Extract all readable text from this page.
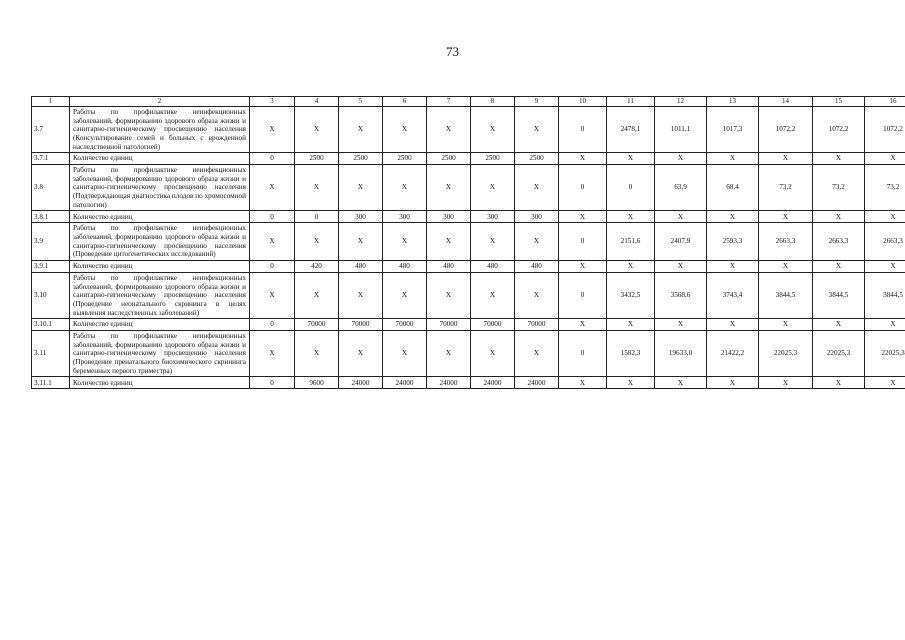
73
1	2	3	4	5	6	7	8	9	10	11	12	13	14	15	16
3.7	Работы по профилактике неинфекционных заболеваний, формированию здорового образа жизни и санитарно-гигиеническому просвещению населения (Консультирование семей и больных с врожденной наследственной патологией)	X	X	X	X	X	X	X	0	2478,1	1011,1	1017,3	1072,2	1072,2	1072,2
3.7.1	Количество единиц	0	2500	2500	2500	2500	2500	2500	X	X	X	X	X	X	X
3.8	Работы по профилактике неинфекционных заболеваний, формированию здорового образа жизни и санитарно-гигиеническому просвещению населения (Подтверждающая диагностика плодов по хромосомной патологии)	X	X	X	X	X	X	X	0	0	63,9	68,4	73,2	73,2	73,2
3.8.1	Количество единиц	0	0	300	300	300	300	300	X	X	X	X	X	X	X
3.9	Работы по профилактике неинфекционных заболеваний, формированию здорового образа жизни и санитарно-гигиеническому просвещению населения (Проведение цитогенетических исследований)	X	X	X	X	X	X	X	0	2151,6	2407,9	2593,3	2663,3	2663,3	2663,3
3.9.1	Количество единиц	0	420	480	480	480	480	480	X	X	X	X	X	X	X
3.10	Работы по профилактике неинфекционных заболеваний, формированию здорового образа жизни и санитарно-гигиеническому просвещению населения (Проведение неонатального скрининга в целях выявления наследственных заболеваний)	X	X	X	X	X	X	X	0	3432,5	3568,6	3743,4	3844,5	3844,5	3844,5
3.10.1	Количество единиц	0	70000	70000	70000	70000	70000	70000	X	X	X	X	X	X	X
3.11	Работы по профилактике неинфекционных заболеваний, формированию здорового образа жизни и санитарно-гигиеническому просвещению населения (Проведение пренатального биохимического скрининга беременных первого триместра)	X	X	X	X	X	X	X	0	1582,3	19633,0	21422,2	22025,3	22025,3	22025,3
3.11.1	Количество единиц	0	9600	24000	24000	24000	24000	24000	X	X	X	X	X	X	X
